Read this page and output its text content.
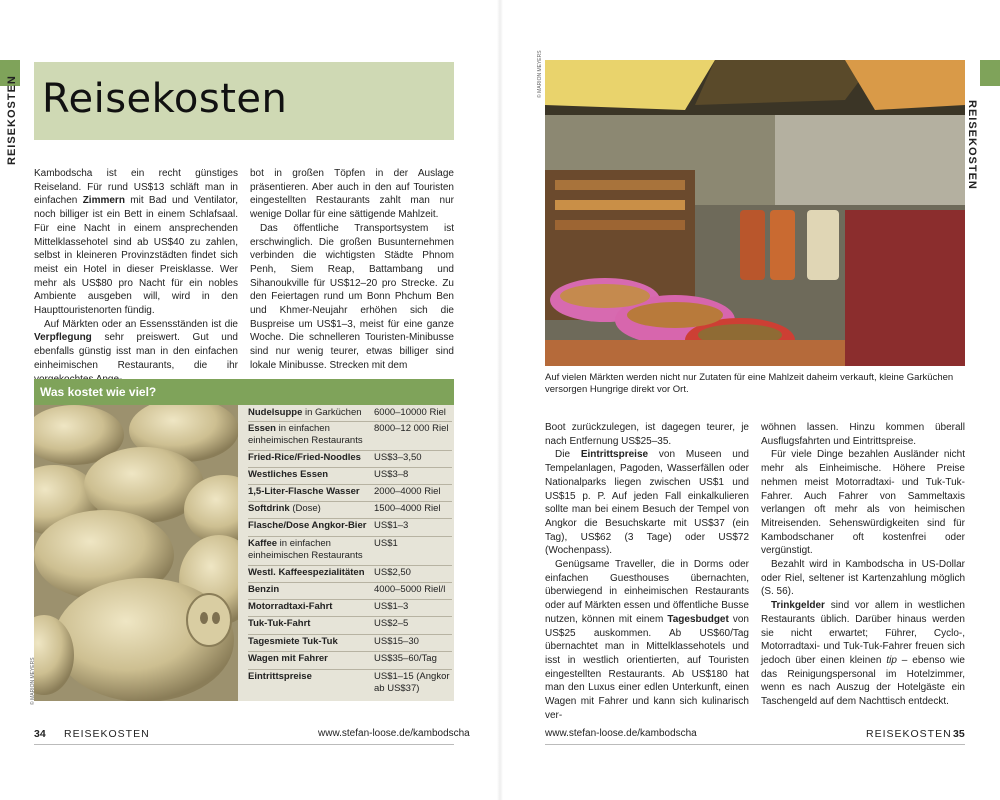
REISEKOSTEN Reisekosten

Kambodscha ist ein recht günstiges Reiseland. Für rund US$13 schläft man in einfachen Zimmern mit Bad und Ventilator, noch billiger ist ein Bett in einem Schlafsaal. Für eine Nacht in einem ansprechenden Mittelklassehotel sind ab US$40 zu zahlen, selbst in kleineren Provinzstädten findet sich meist ein Hotel in dieser Preisklasse. Wer mehr als US$80 pro Nacht für ein nobles Ambiente ausgeben will, wird in den Haupttouristenorten fündig.

Auf Märkten oder an Essensständen ist die Verpflegung sehr preiswert. Gut und ebenfalls günstig isst man in den einfachen einheimischen Restaurants, die ihr

bot in großen Töpfen in der Auslage präsentieren. Aber auch in den auf Touristen eingestellten Restaurants zahlt man nur wenige Dollar für eine sättigende Mahlzeit.

Das öffentliche Transportsystem ist erschwinglich. Die großen Busunternehmen verbinden die wichtigsten Städte Phnom Penh, Siem Reap, Battambang und Sihanoukville für US$12–20 pro Strecke. Zu den Feiertagen rund um Bonn Phchum Ben und Khmer-Neujahr erhöhen sich die Buspreise um US$1–3, meist für eine ganze Woche. Die schnelleren Touristen-Minibusse sind nur wenig teurer, etwas billiger sind lokale Minibusse. Strecken mit dem

Was kostet wie viel?
© MARION MEYERS
Nudelsuppe in Garküchen	6000–10000 Riel
Essen in einfachen einheimischen Restaurants
8000–12 000 Riel
Fried-Rice/Fried-Noodles	US$3–3,50
Westliches Essen	US$3–8
1,5-Liter-Flasche Wasser	2000–4000 Riel
Softdrink (Dose)	1500–4000 Riel
Flasche/Dose Angkor-Bier US$1–3
Kaffee in einfachen einheimischen Restaurants
US$1
Westl. Kaffeespezialitäten US$2,50
Benzin	4000–5000 Riel/l
Motorradtaxi-Fahrt	US$1–3
Tuk-Tuk-Fahrt	US$2–5
Tagesmiete Tuk-Tuk	US$15–30
Wagen mit Fahrer	US$35–60/Tag
Eintrittspreise	US$1–15 (Angkor ab US$37)
34 REISEKOSTEN	www.stefan-loose.de/kambodscha
REISEKOSTEN
© MARION MEYERS
Auf vielen Märkten werden nicht nur Zutaten für eine Mahlzeit daheim verkauft, kleine Garküchen versorgen Hungrige direkt vor Ort.

Boot zurückzulegen, ist dagegen teurer, je nach Entfernung US$25–35.

Die Eintrittspreise von Museen und Tempelanlagen, Pagoden, Wasserfällen oder Nationalparks liegen zwischen US$1 und US$15 p. P. Auf jeden Fall einkalkulieren sollte man bei einem Besuch der Tempel von Angkor die Besuchskarte mit US$37 (ein Tag), US$62 (3 Tage) oder US$72 (Wochenpass).

Genügsame Traveller, die in Dorms oder einfachen Guesthouses übernachten, überwiegend in einheimischen Restaurants oder auf Märkten essen und öffentliche Busse nutzen, können mit einem Tagesbudget von US$25 auskommen. Ab US$60/Tag übernachtet man in Mittelklassehotels und isst in westlich orientierten, auf Touristen eingestellten Restaurants. Ab US$180 hat man den Luxus einer edlen Unterkunft, einen Wagen mit Fahrer und kann sich kulinarisch ver-

wöhnen lassen. Hinzu kommen überall Ausflugsfahrten und Eintrittspreise.

Für viele Dinge bezahlen Ausländer nicht mehr als Einheimische. Höhere Preise nehmen meist Motorradtaxi- und Tuk-Tuk-Fahrer. Auch Fahrer von Sammeltaxis verlangen oft mehr als von heimischen Mitreisenden. Sehenswürdigkeiten sind für Kambodschaner oft kostenfrei oder vergünstigt.

Bezahlt wird in Kambodscha in US-Dollar oder Riel, seltener ist Kartenzahlung möglich (S. 56).

Trinkgelder sind vor allem in westlichen Restaurants üblich. Darüber hinaus werden sie nicht erwartet; Führer, Cyclo-, Motorradtaxi- und Tuk-Tuk-Fahrer freuen sich jedoch über einen kleinen tip – ebenso wie das Reinigungspersonal im Hotelzimmer, wenn es nach Auszug der Hotelgäste ein Taschengeld auf dem Nachttisch entdeckt.

www.stefan-loose.de/kambodscha	REISEKOSTEN 35
